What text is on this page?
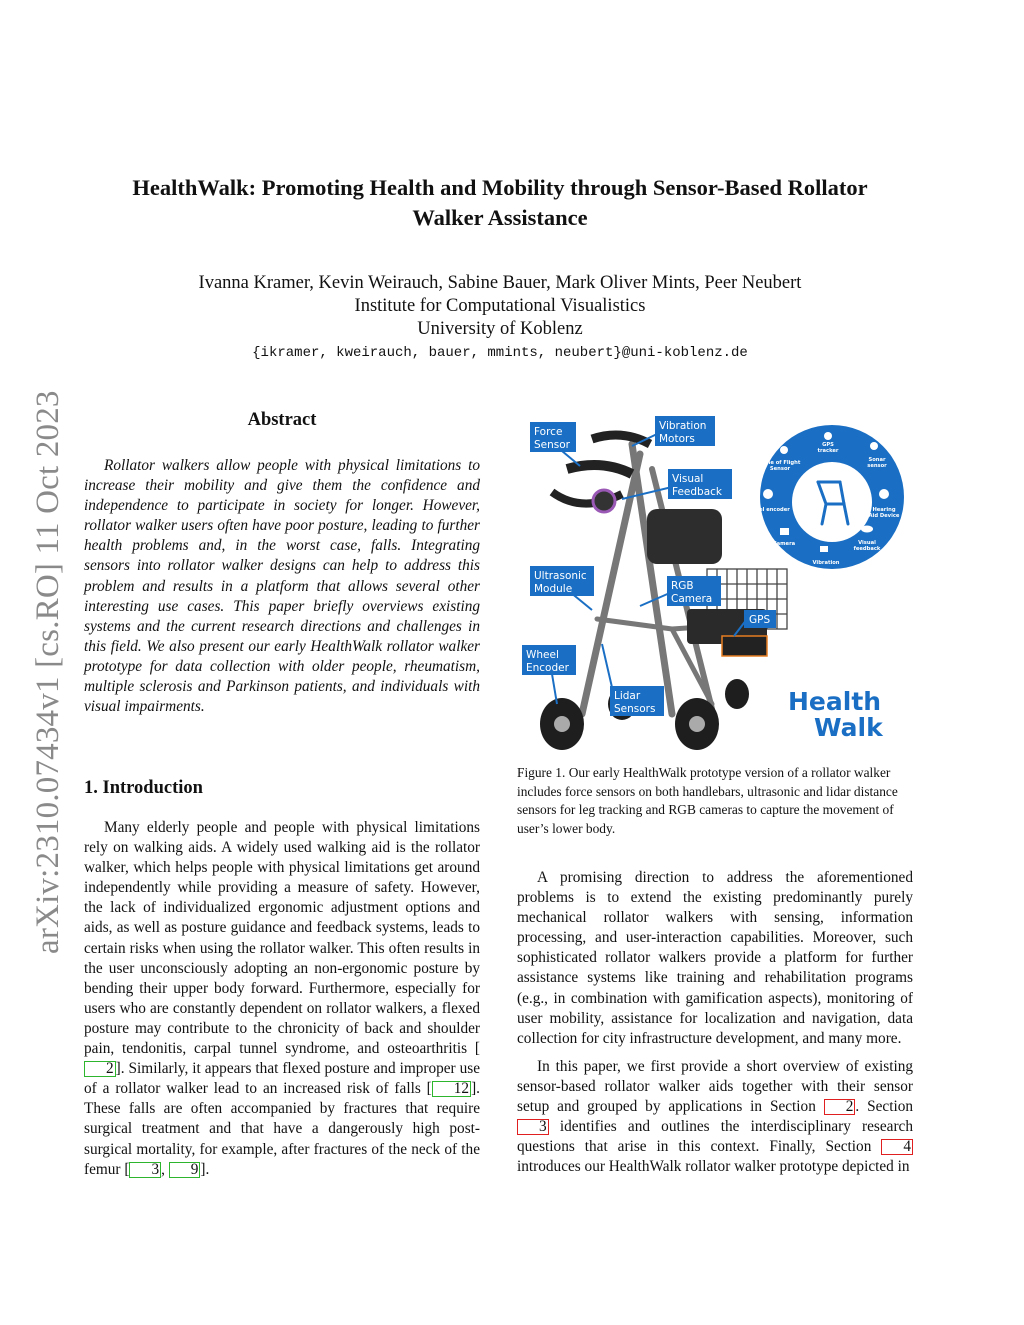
arXiv:2310.07434v1 [cs.RO] 11 Oct 2023
HealthWalk: Promoting Health and Mobility through Sensor-Based Rollator
Walker Assistance
Ivanna Kramer, Kevin Weirauch, Sabine Bauer, Mark Oliver Mints, Peer Neubert
Institute for Computational Visualistics
University of Koblenz
{ikramer, kweirauch, bauer, mmints, neubert}@uni-koblenz.de
Abstract

Rollator walkers allow people with physical limitations to increase their mobility and give them the confidence and independence to participate in society for longer. However, rollator walker users often have poor posture, leading to further health problems and, in the worst case, falls. Integrating sensors into rollator walker designs can help to address this problem and results in a platform that allows several other interesting use cases. This paper briefly overviews existing systems and the current research directions and challenges in this field. We also present our early HealthWalk rollator walker prototype for data collection with older people, rheumatism, multiple sclerosis and Parkinson patients, and individuals with visual impairments.

1. Introduction

Many elderly people and people with physical limitations rely on walking aids. A widely used walking aid is the rollator walker, which helps people with physical limitations get around independently while providing a measure of safety. However, the lack of individualized ergonomic adjustment options and aids, as well as posture guidance and feedback systems, leads to certain risks when using the rollator walker. This often results in the user unconsciously adopting an non-ergonomic posture by bending their upper body forward. Furthermore, especially for users who are constantly dependent on rollator walkers, a flexed posture may contribute to the chronicity of back and shoulder pain, tendonitis, carpal tunnel syndrome, and osteoarthritis [2 ]. Similarly, it appears that flexed posture and improper use of a rollator walker lead to an increased risk of falls [ 12 ]. These falls are often accompanied by fractures that require surgical treatment and that have a dangerously high post-surgical mortality, for example, after fractures of the neck of the femur [ 3 , 9 ].

Force
Sensor
Vibration
Motors
Visual
Feedback
Ultrasonic
Module	RGB
Camera
GPS
Wheel
Encoder
Lidar
Sensors
GPS
tracker
Time of Flight
Sensor
Sonar
sensor
Wheel encoder	Hearing
Aid Device
Camera	Visual
feedback
Vibration
Health
Walk
Figure 1. Our early HealthWalk prototype version of a rollator walker includes force sensors on both handlebars, ultrasonic and lidar distance sensors for leg tracking and RGB cameras to capture the movement of user’s lower body.

A promising direction to address the aforementioned problems is to extend the existing predominantly purely mechanical rollator walkers with sensing, information processing, and user-interaction capabilities. Moreover, such sophisticated rollator walkers provide a platform for further assistance systems like training and rehabilitation programs (e.g., in combination with gamification aspects), monitoring of user mobility, assistance for localization and navigation, data collection for city infrastructure development, and many more.

In this paper, we first provide a short overview of existing sensor-based rollator walker aids together with their sensor setup and grouped by applications in Section 2 . Section 3 identifies and outlines the interdisciplinary research questions that arise in this context. Finally, Section 4 introduces our HealthWalk rollator walker prototype depicted in
